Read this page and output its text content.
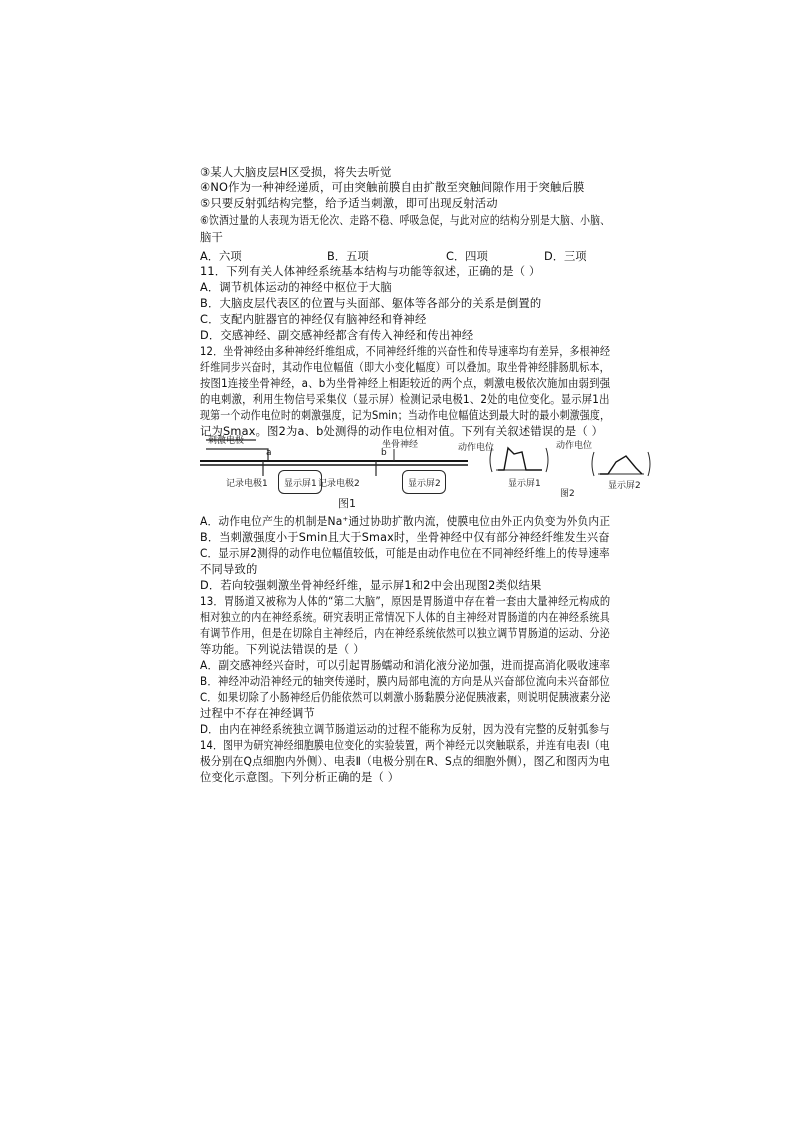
③某人大脑皮层H区受损，将失去听觉
④NO作为一种神经递质，可由突触前膜自由扩散至突触间隙作用于突触后膜
⑤只要反射弧结构完整，给予适当刺激，即可出现反射活动
⑥饮酒过量的人表现为语无伦次、走路不稳、呼吸急促，与此对应的结构分别是大脑、小脑、
脑干
A．六项	B．五项	C．四项	D．三项
11．下列有关人体神经系统基本结构与功能等叙述，正确的是（ ）
A．调节机体运动的神经中枢位于大脑
B．大脑皮层代表区的位置与头面部、躯体等各部分的关系是倒置的
C．支配内脏器官的神经仅有脑神经和脊神经
D．交感神经、副交感神经都含有传入神经和传出神经
12．坐骨神经由多种神经纤维组成，不同神经纤维的兴奋性和传导速率均有差异，多根神经
纤维同步兴奋时，其动作电位幅值（即大小变化幅度）可以叠加。取坐骨神经腓肠肌标本，
按图1连接坐骨神经，a、b为坐骨神经上相距较近的两个点，刺激电极依次施加由弱到强
的电刺激，利用生物信号采集仪（显示屏）检测记录电极1、2处的电位变化。显示屏1出
现第一个动作电位时的刺激强度，记为Smin；当动作电位幅值达到最大时的最小刺激强度，
记为Smax。图2为a、b处测得的动作电位相对值。下列有关叙述错误的是（ ）
刺激电极	坐骨神经
a	b
记录电极1	记录电极2
显示屏1	显示屏2
图1
动作电位	动作电位
显示屏1	显示屏2
图2
A．动作电位产生的机制是Na⁺通过协助扩散内流，使膜电位由外正内负变为外负内正
B．当刺激强度小于Smin且大于Smax时，坐骨神经中仅有部分神经纤维发生兴奋
C．显示屏2测得的动作电位幅值较低，可能是由动作电位在不同神经纤维上的传导速率
不同导致的
D．若向较强刺激坐骨神经纤维，显示屏1和2中会出现图2类似结果
13．胃肠道又被称为人体的“第二大脑”，原因是胃肠道中存在着一套由大量神经元构成的
相对独立的内在神经系统。研究表明正常情况下人体的自主神经对胃肠道的内在神经系统具
有调节作用，但是在切除自主神经后，内在神经系统依然可以独立调节胃肠道的运动、分泌
等功能。下列说法错误的是（ ）
A．副交感神经兴奋时，可以引起胃肠蠕动和消化液分泌加强，进而提高消化吸收速率
B．神经冲动沿神经元的轴突传递时，膜内局部电流的方向是从兴奋部位流向未兴奋部位
C．如果切除了小肠神经后仍能依然可以刺激小肠黏膜分泌促胰液素，则说明促胰液素分泌
过程中不存在神经调节
D．由内在神经系统独立调节肠道运动的过程不能称为反射，因为没有完整的反射弧参与
14．图甲为研究神经细胞膜电位变化的实验装置，两个神经元以突触联系，并连有电表Ⅰ（电
极分别在Q点细胞内外侧）、电表Ⅱ（电极分别在R、S点的细胞外侧），图乙和图丙为电
位变化示意图。下列分析正确的是（ ）
